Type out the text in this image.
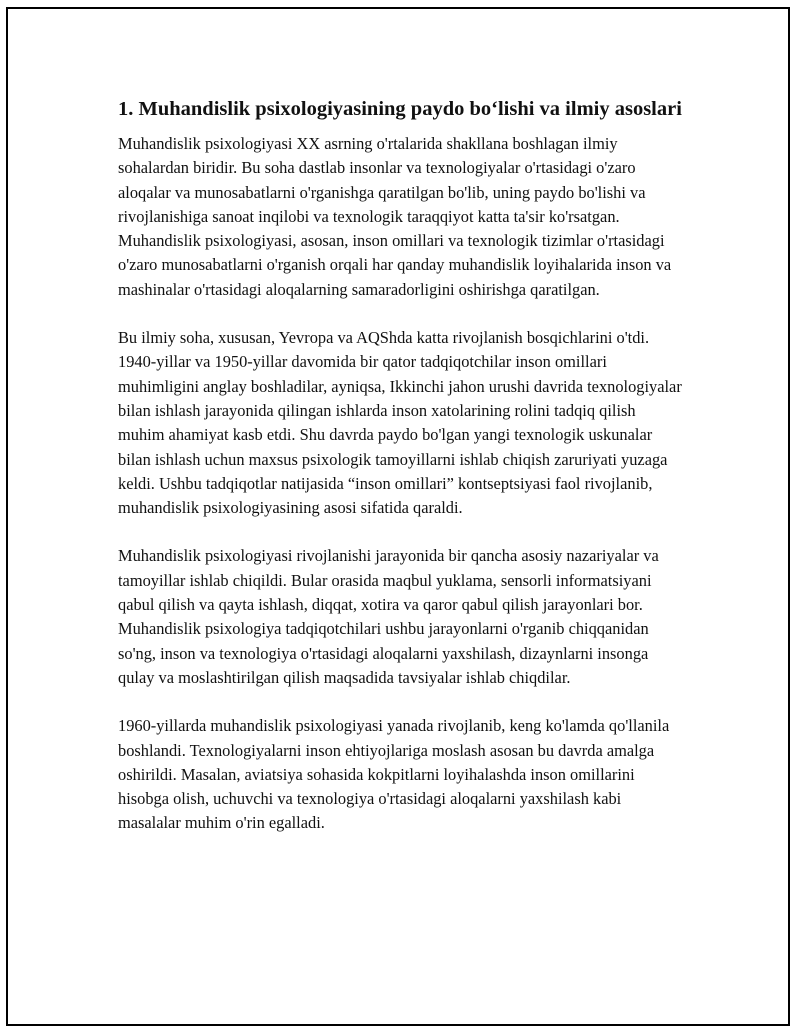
1. Muhandislik psixologiyasining paydo bo‘lishi va ilmiy asoslari

Muhandislik psixologiyasi XX asrning o'rtalarida shakllana boshlagan ilmiy sohalardan biridir. Bu soha dastlab insonlar va texnologiyalar o'rtasidagi o'zaro aloqalar va munosabatlarni o'rganishga qaratilgan bo'lib, uning paydo bo'lishi va rivojlanishiga sanoat inqilobi va texnologik taraqqiyot katta ta'sir ko'rsatgan. Muhandislik psixologiyasi, asosan, inson omillari va texnologik tizimlar o'rtasidagi o'zaro munosabatlarni o'rganish orqali har qanday muhandislik loyihalarida inson va mashinalar o'rtasidagi aloqalarning samaradorligini oshirishga qaratilgan.

Bu ilmiy soha, xususan, Yevropa va AQShda katta rivojlanish bosqichlarini o'tdi. 1940-yillar va 1950-yillar davomida bir qator tadqiqotchilar inson omillari muhimligini anglay boshladilar, ayniqsa, Ikkinchi jahon urushi davrida texnologiyalar bilan ishlash jarayonida qilingan ishlarda inson xatolarining rolini tadqiq qilish muhim ahamiyat kasb etdi. Shu davrda paydo bo'lgan yangi texnologik uskunalar bilan ishlash uchun maxsus psixologik tamoyillarni ishlab chiqish zaruriyati yuzaga keldi. Ushbu tadqiqotlar natijasida “inson omillari” kontseptsiyasi faol rivojlanib, muhandislik psixologiyasining asosi sifatida qaraldi.

Muhandislik psixologiyasi rivojlanishi jarayonida bir qancha asosiy nazariyalar va tamoyillar ishlab chiqildi. Bular orasida maqbul yuklama, sensorli informatsiyani qabul qilish va qayta ishlash, diqqat, xotira va qaror qabul qilish jarayonlari bor. Muhandislik psixologiya tadqiqotchilari ushbu jarayonlarni o'rganib chiqqanidan so'ng, inson va texnologiya o'rtasidagi aloqalarni yaxshilash, dizaynlarni insonga qulay va moslashtirilgan qilish maqsadida tavsiyalar ishlab chiqdilar.

1960-yillarda muhandislik psixologiyasi yanada rivojlanib, keng ko'lamda qo'llanila boshlandi. Texnologiyalarni inson ehtiyojlariga moslash asosan bu davrda amalga oshirildi. Masalan, aviatsiya sohasida kokpitlarni loyihalashda inson omillarini hisobga olish, uchuvchi va texnologiya o'rtasidagi aloqalarni yaxshilash kabi masalalar muhim o'rin egalladi.
